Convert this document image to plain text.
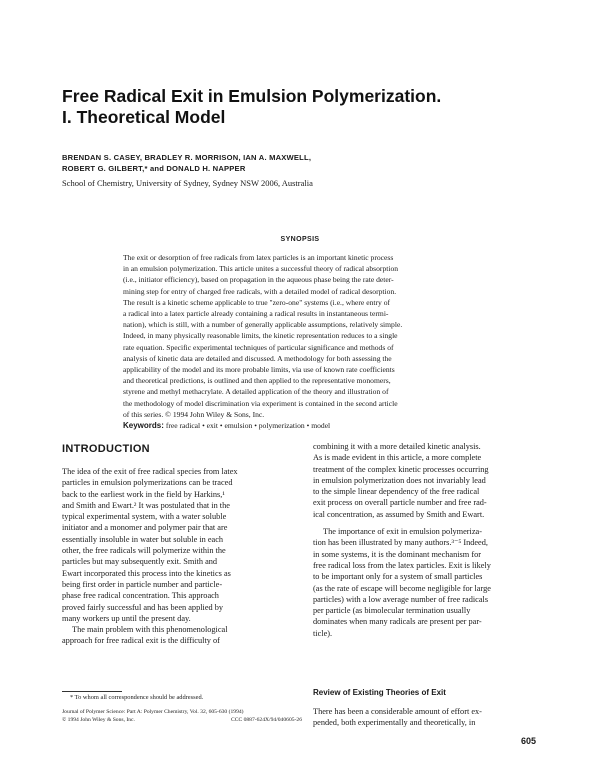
Free Radical Exit in Emulsion Polymerization.
I. Theoretical Model
BRENDAN S. CASEY, BRADLEY R. MORRISON, IAN A. MAXWELL,
ROBERT G. GILBERT,* and DONALD H. NAPPER
School of Chemistry, University of Sydney, Sydney NSW 2006, Australia
SYNOPSIS
The exit or desorption of free radicals from latex particles is an important kinetic process
in an emulsion polymerization. This article unites a successful theory of radical absorption
(i.e., initiator efficiency), based on propagation in the aqueous phase being the rate deter-
mining step for entry of charged free radicals, with a detailed model of radical desorption.
The result is a kinetic scheme applicable to true "zero-one" systems (i.e., where entry of
a radical into a latex particle already containing a radical results in instantaneous termi-
nation), which is still, with a number of generally applicable assumptions, relatively simple.
Indeed, in many physically reasonable limits, the kinetic representation reduces to a single
rate equation. Specific experimental techniques of particular significance and methods of
analysis of kinetic data are detailed and discussed. A methodology for both assessing the
applicability of the model and its more probable limits, via use of known rate coefficients
and theoretical predictions, is outlined and then applied to the representative monomers,
styrene and methyl methacrylate. A detailed application of the theory and illustration of
the methodology of model discrimination via experiment is contained in the second article
of this series. © 1994 John Wiley & Sons, Inc.
Keywords: free radical • exit • emulsion • polymerization • model
INTRODUCTION
The idea of the exit of free radical species from latex
particles in emulsion polymerizations can be traced
back to the earliest work in the field by Harkins,¹
and Smith and Ewart.² It was postulated that in the
typical experimental system, with a water soluble
initiator and a monomer and polymer pair that are
essentially insoluble in water but soluble in each
other, the free radicals will polymerize within the
particles but may subsequently exit. Smith and
Ewart incorporated this process into the kinetics as
being first order in particle number and particle-
phase free radical concentration. This approach
proved fairly successful and has been applied by
many workers up until the present day.
The main problem with this phenomenological
approach for free radical exit is the difficulty of
* To whom all correspondence should be addressed.
Journal of Polymer Science: Part A: Polymer Chemistry, Vol. 32, 605-630 (1994)
© 1994 John Wiley & Sons, Inc.	CCC 0887-624X/94/040605-26
combining it with a more detailed kinetic analysis.
As is made evident in this article, a more complete
treatment of the complex kinetic processes occurring
in emulsion polymerization does not invariably lead
to the simple linear dependency of the free radical
exit process on overall particle number and free rad-
ical concentration, as assumed by Smith and Ewart.
The importance of exit in emulsion polymeriza-
tion has been illustrated by many authors.³⁻⁵ Indeed,
in some systems, it is the dominant mechanism for
free radical loss from the latex particles. Exit is likely
to be important only for a system of small particles
(as the rate of escape will become negligible for large
particles) with a low average number of free radicals
per particle (as bimolecular termination usually
dominates when many radicals are present per par-
ticle).
Review of Existing Theories of Exit
There has been a considerable amount of effort ex-
pended, both experimentally and theoretically, in
605
